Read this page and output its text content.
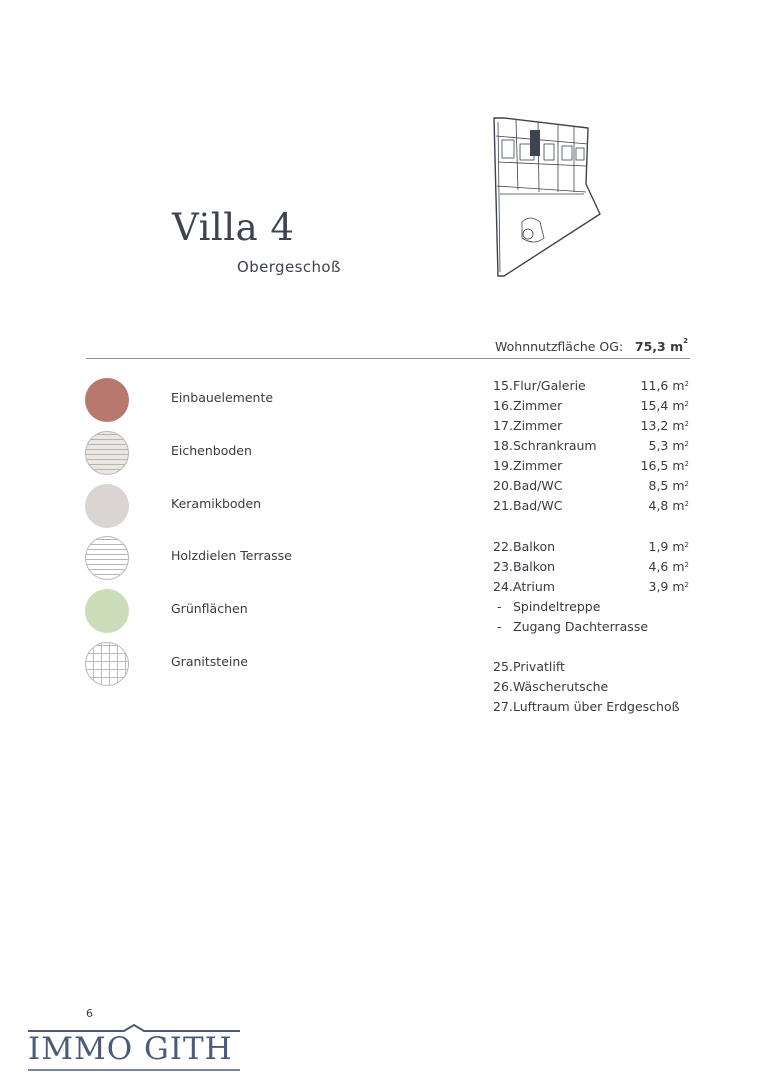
Villa 4
Obergeschoß
Wohnnutzfläche OG: 75,3 $m^2$
Einbauelemente
Eichenboden
Keramikboden
Holzdielen Terrasse
Grünflächen
Granitsteine
15. Flur/Galerie	11,6 $m^2$
16. Zimmer	15,4 $m^2$
17. Zimmer	13,2 $m^2$
18. Schrankraum	5,3 $m^2$
19. Zimmer	16,5 $m^2$
20. Bad/WC	8,5 $m^2$
21. Bad/WC	4,8 $m^2$
22. Balkon	1,9 $m^2$
23. Balkon	4,6 $m^2$
24. Atrium	3,9 $m^2$
- Spindeltreppe
- Zugang Dachterrasse
25. Privatlift
26. Wäscherutsche
27. Luftraum über Erdgeschoß
6
IMMO GITH
